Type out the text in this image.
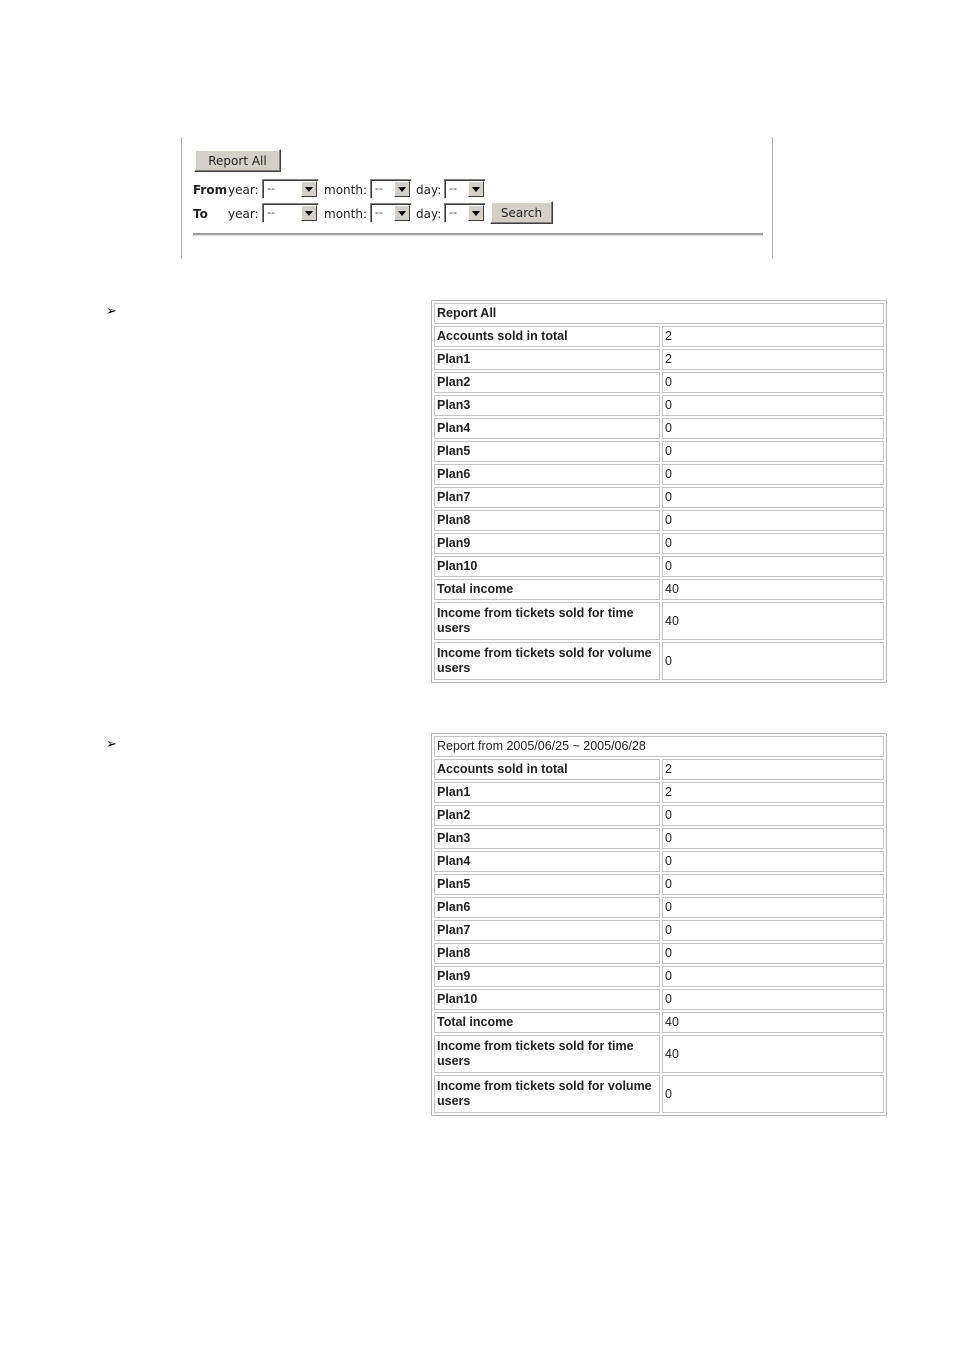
Report All
From year: --	month: --	day: --
To year: --	month: --	day: --	Search
➢
➢
Report All	
Accounts sold in total	2
Plan1	2
Plan2	0
Plan3	0
Plan4	0
Plan5	0
Plan6	0
Plan7	0
Plan8	0
Plan9	0
Plan10	0
Total income	40
Income from tickets sold for time users	40
Income from tickets sold for volume users	0
Report from 2005/06/25 ~ 2005/06/28	
Accounts sold in total	2
Plan1	2
Plan2	0
Plan3	0
Plan4	0
Plan5	0
Plan6	0
Plan7	0
Plan8	0
Plan9	0
Plan10	0
Total income	40
Income from tickets sold for time users	40
Income from tickets sold for volume users	0
